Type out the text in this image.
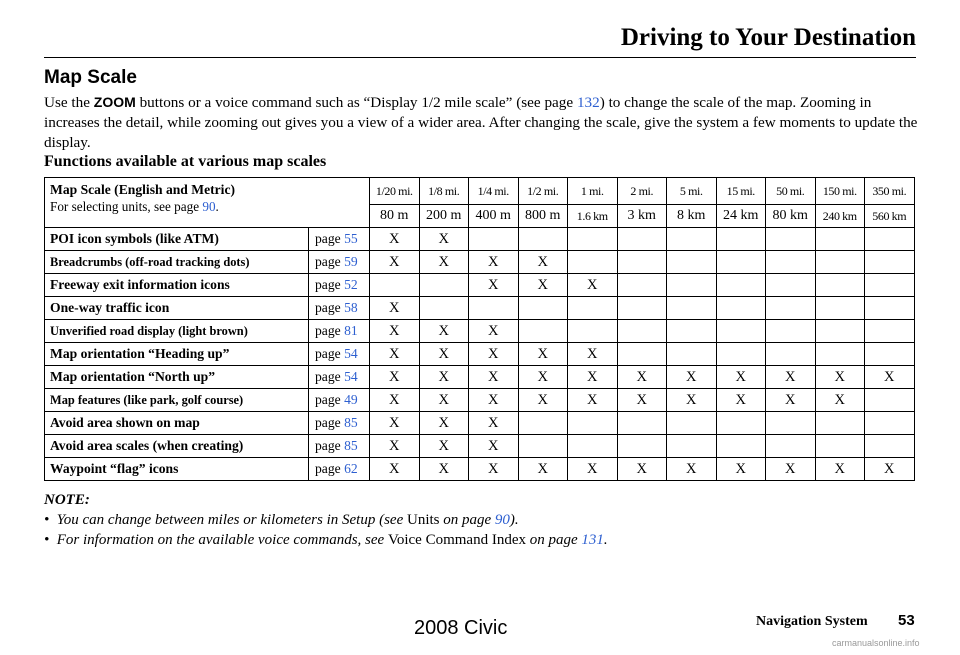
Driving to Your Destination
Map Scale
Use the ZOOM buttons or a voice command such as “Display 1/2 mile scale” (see page 132) to change the scale of the map. Zooming in increases the detail, while zooming out gives you a view of a wider area. After changing the scale, give the system a few moments to update the display.
Functions available at various map scales
Map Scale (English and Metric)
For selecting units, see page 90.		1/20 mi.	1/8 mi.	1/4 mi.	1/2 mi.	1 mi.	2 mi.	5 mi.	15 mi.	50 mi.	150 mi.	350 mi.
		80 m	200 m	400 m	800 m	1.6 km	3 km	8 km	24 km	80 km	240 km	560 km
POI icon symbols (like ATM)	page 55	X	X									
Breadcrumbs (off-road tracking dots)	page 59	X	X	X	X							
Freeway exit information icons	page 52			X	X	X						
One-way traffic icon	page 58	X										
Unverified road display (light brown)	page 81	X	X	X								
Map orientation “Heading up”	page 54	X	X	X	X	X						
Map orientation “North up”	page 54	X	X	X	X	X	X	X	X	X	X	X
Map features (like park, golf course)	page 49	X	X	X	X	X	X	X	X	X	X	
Avoid area shown on map	page 85	X	X	X								
Avoid area scales (when creating)	page 85	X	X	X								
Waypoint “flag” icons	page 62	X	X	X	X	X	X	X	X	X	X	X
NOTE:
• You can change between miles or kilometers in Setup (see Units on page 90).
• For information on the available voice commands, see Voice Command Index on page 131.
Navigation System 53
2008 Civic
carmanualsonline.info
